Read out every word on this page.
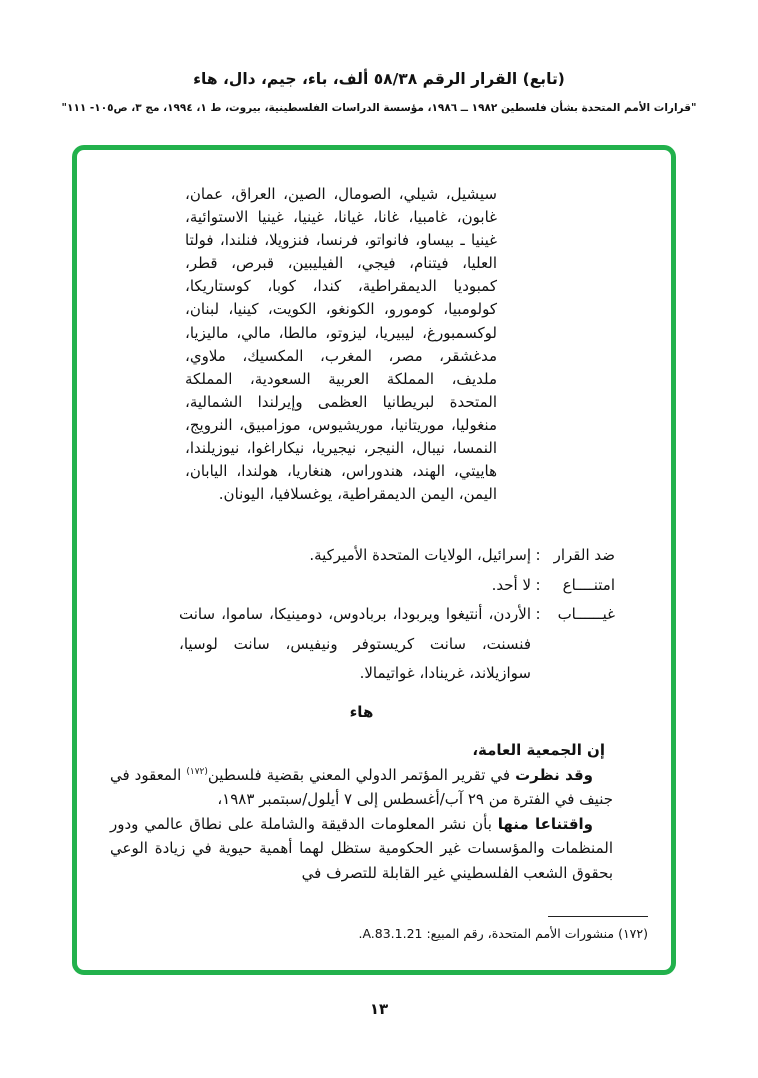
(تابع) القرار الرقم ٥٨/٣٨ ألف، باء، جيم، دال، هاء
"قرارات الأمم المتحدة بشأن فلسطين ١٩٨٢ ــ ١٩٨٦، مؤسسة الدراسات الفلسطينية، بيروت، ط ١، ١٩٩٤، مج ٣، ص١٠٥- ١١١"
سيشيل، شيلي، الصومال، الصين، العراق، عمان، غابون، غامبيا، غانا، غيانا، غينيا، غينيا الاستوائية، غينيا ـ بيساو، فانواتو، فرنسا، فنزويلا، فنلندا، فولتا العليا، فيتنام، فيجي، الفيليبين، قبرص، قطر، كمبوديا الديمقراطية، كندا، كوبا، كوستاريكا، كولومبيا، كومورو، الكونغو، الكويت، كينيا، لبنان، لوكسمبورغ، ليبيريا، ليزوتو، مالطا، مالي، ماليزيا، مدغشقر، مصر، المغرب، المكسيك، ملاوي، ملديف، المملكة العربية السعودية، المملكة المتحدة لبريطانيا العظمى وإيرلندا الشمالية، منغوليا، موريتانيا، موريشيوس، موزامبيق، النرويج، النمسا، نيبال، النيجر، نيجيريا، نيكاراغوا، نيوزيلندا، هاييتي، الهند، هندوراس، هنغاريا، هولندا، اليابان، اليمن، اليمن الديمقراطية، يوغسلافيا، اليونان.
ضد القرار
:
إسرائيل، الولايات المتحدة الأميركية.
امتنــــاع
:
لا أحد.
غيــــــاب
:
الأردن، أنتيغوا ويربودا، بربادوس، دومينيكا، ساموا، سانت فنسنت، سانت كريستوفر ونيفيس، سانت لوسيا، سوازيلاند، غرينادا، غواتيمالا.
هاء

إن الجمعية العامة،

وقد نظرت في تقرير المؤتمر الدولي المعني بقضية فلسطين$^{(١٧٢)}$ المعقود في جنيف في الفترة من ٢٩ آب/أغسطس إلى ٧ أيلول/سبتمبر ١٩٨٣،

واقتناعا منها بأن نشر المعلومات الدقيقة والشاملة على نطاق عالمي ودور المنظمات والمؤسسات غير الحكومية ستظل لهما أهمية حيوية في زيادة الوعي بحقوق الشعب الفلسطيني غير القابلة للتصرف في

(١٧٢) منشورات الأمم المتحدة، رقم المبيع: A.83.1.21.
١٣
